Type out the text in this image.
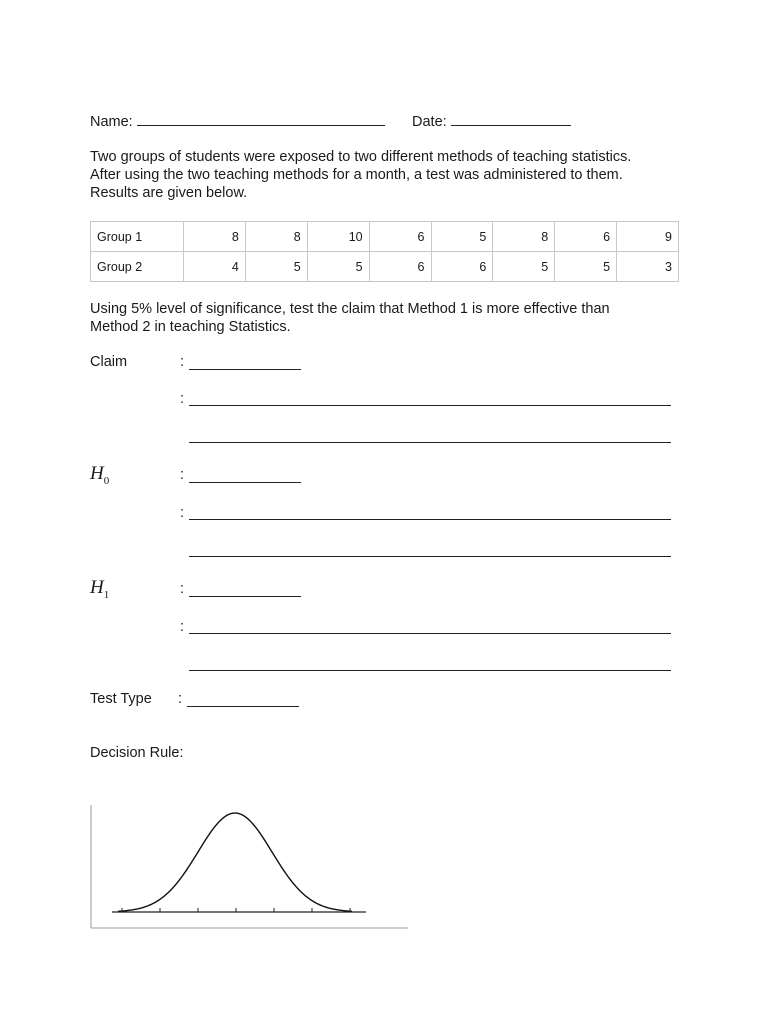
Name:	Date:
Two groups of students were exposed to two different methods of teaching statistics.
After using the two teaching methods for a month, a test was administered to them.
Results are given below.
Group 1	8	8	10	6	5	8	6	9
Group 2	4	5	5	6	6	5	5	3
Using 5% level of significance, test the claim that Method 1 is more effective than
Method 2 in teaching Statistics.
Claim	:
:
$H_0$	:
:
$H_1$	:
:
Test Type :
Decision Rule:
